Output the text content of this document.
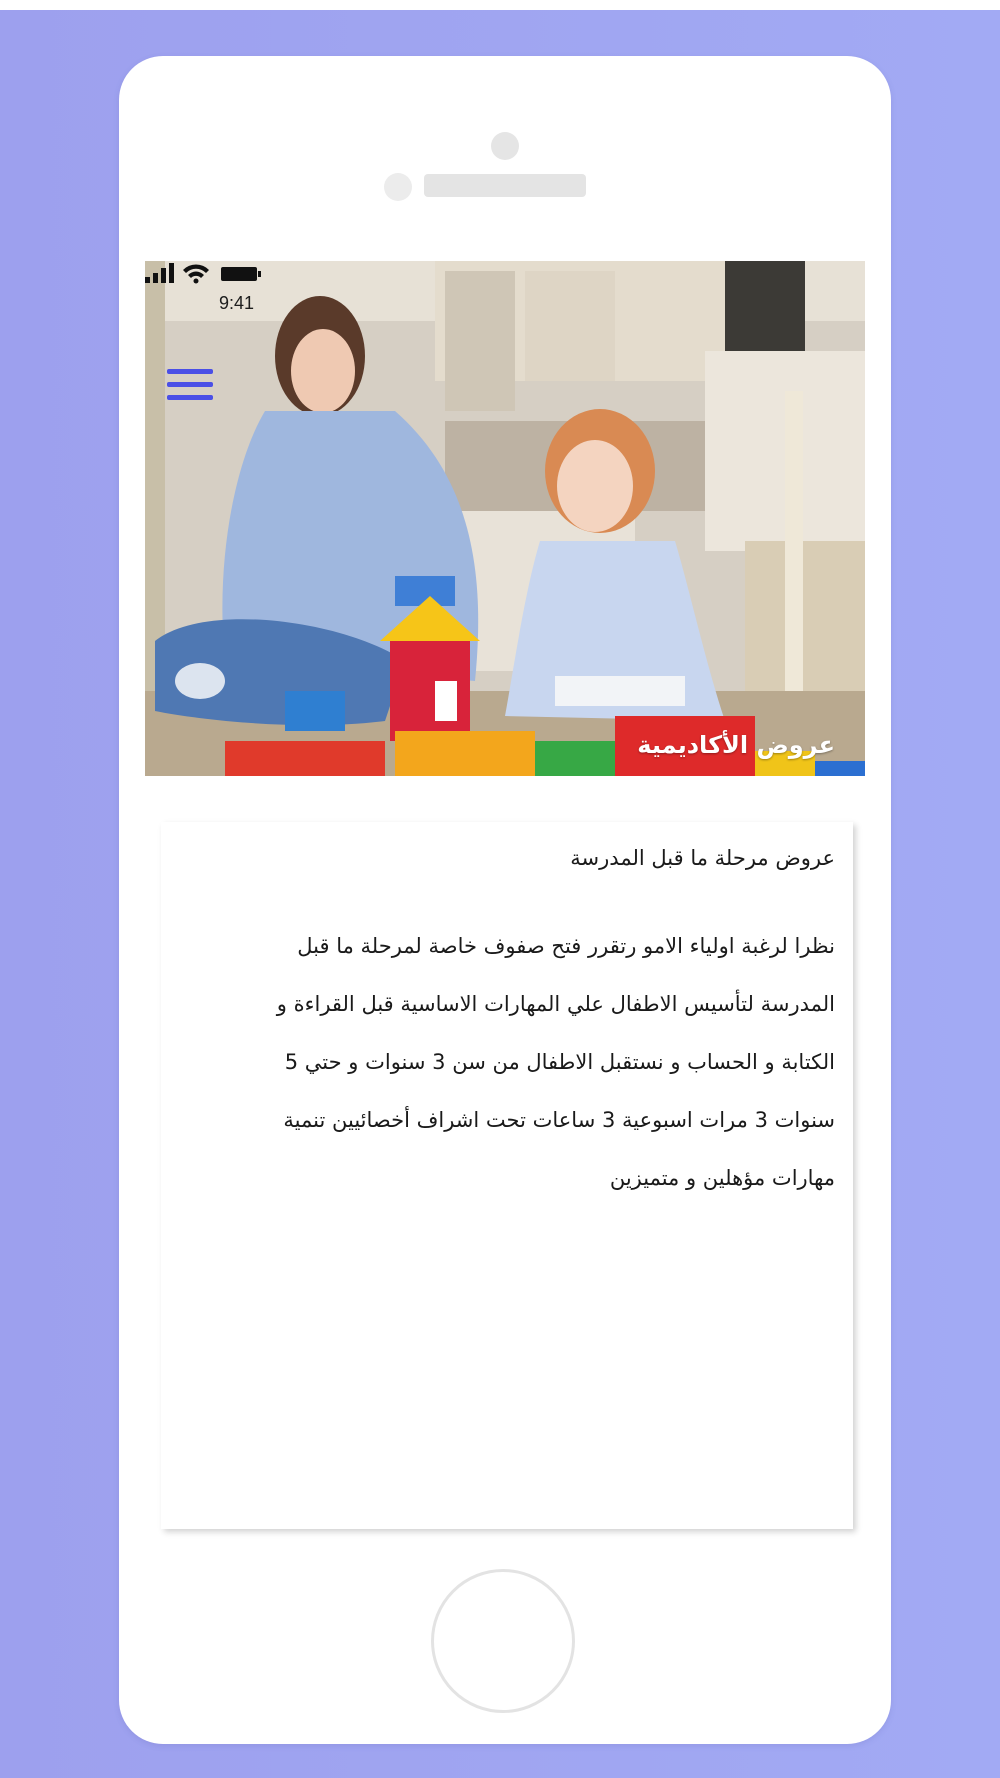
9:41
عروض الأكاديمية
عروض مرحلة ما قبل المدرسة
نظرا لرغبة اولياء الامو رتقرر فتح صفوف خاصة لمرحلة ما قبل
المدرسة لتأسيس الاطفال علي المهارات الاساسية قبل القراءة و
الكتابة و الحساب و نستقبل الاطفال من سن 3 سنوات و حتي 5
سنوات 3 مرات اسبوعية 3 ساعات تحت اشراف أخصائيين تنمية
مهارات مؤهلين و متميزين
